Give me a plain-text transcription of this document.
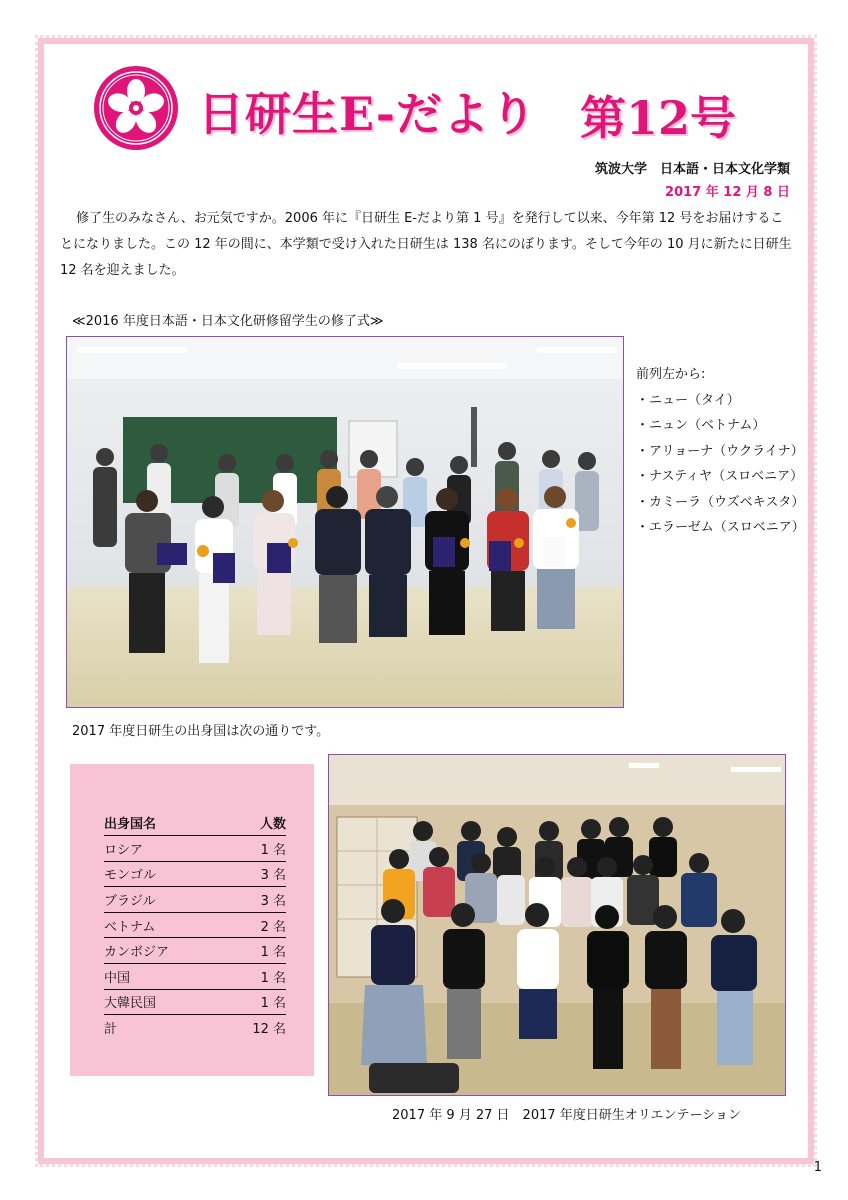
日研生E-だより 第12号
筑波大学　日本語・日本文化学類
2017 年 12 月 8 日

修了生のみなさん、お元気ですか。2006 年に『日研生 E-だより第 1 号』を発行して以来、今年第 12 号をお届けすることになりました。この 12 年の間に、本学類で受け入れた日研生は 138 名にのぼります。そして今年の 10 月に新たに日研生 12 名を迎えました。

≪2016 年度日本語・日本文化研修留学生の修了式≫
前列左から:
・ニュー（タイ）
・ニュン（ベトナム）
・アリョーナ（ウクライナ）
・ナスティヤ（スロベニア）
・カミーラ（ウズベキスタ）
・エラーゼム（スロベニア）
2017 年度日研生の出身国は次の通りです。
出身国名	人数
ロシア	1 名
モンゴル	3 名
ブラジル	3 名
ベトナム	2 名
カンボジア	1 名
中国	1 名
大韓民国	1 名
計	12 名
2017 年 9 月 27 日　2017 年度日研生オリエンテーション
1
